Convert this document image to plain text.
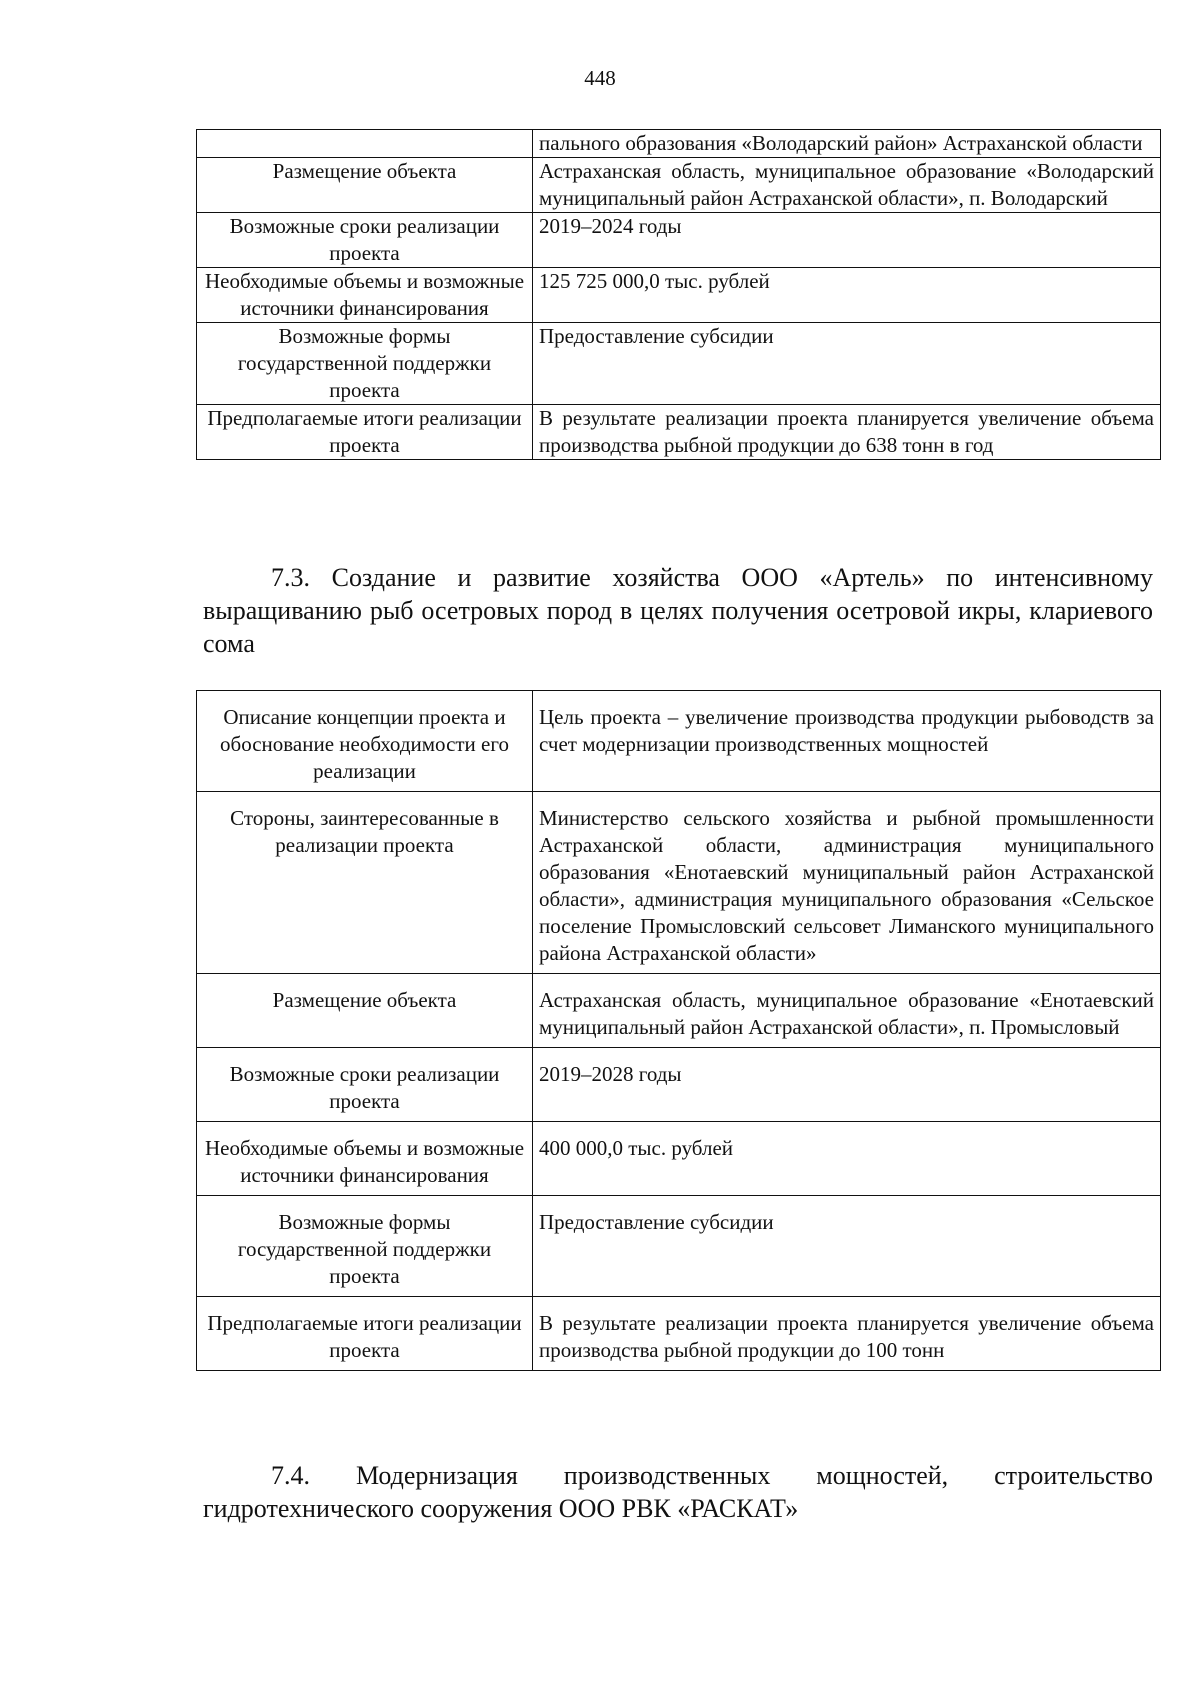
448
	пального образования «Володарский район» Астраханской области
Размещение объекта	Астраханская область, муниципальное образование «Володарский муниципальный район Астраханской области», п. Володарский
Возможные сроки реализации проекта	2019–2024 годы
Необходимые объемы и возможные источники финансирования	125 725 000,0 тыс. рублей
Возможные формы государственной поддержки проекта	Предоставление субсидии
Предполагаемые итоги реализации проекта	В результате реализации проекта планируется увеличение объема производства рыбной продукции до 638 тонн в год
7.3. Создание и развитие хозяйства ООО «Артель» по интенсивному выращиванию рыб осетровых пород в целях получения осетровой икры, клариевого сома
Описание концепции проекта и обоснование необходимости его реализации	Цель проекта – увеличение производства продукции рыбоводств за счет модернизации производственных мощностей
Стороны, заинтересованные в реализации проекта	Министерство сельского хозяйства и рыбной промышленности Астраханской области, администрация муниципального образования «Енотаевский муниципальный район Астраханской области», администрация муниципального образования «Сельское поселение Промысловский сельсовет Лиманского муниципального района Астраханской области»
Размещение объекта	Астраханская область, муниципальное образование «Енотаевский муниципальный район Астраханской области», п. Промысловый
Возможные сроки реализации проекта	2019–2028 годы
Необходимые объемы и возможные источники финансирования	400 000,0 тыс. рублей
Возможные формы государственной поддержки проекта	Предоставление субсидии
Предполагаемые итоги реализации проекта	В результате реализации проекта планируется увеличение объема производства рыбной продукции до 100 тонн
7.4. Модернизация производственных мощностей, строительство гидротехнического сооружения ООО РВК «РАСКАТ»
